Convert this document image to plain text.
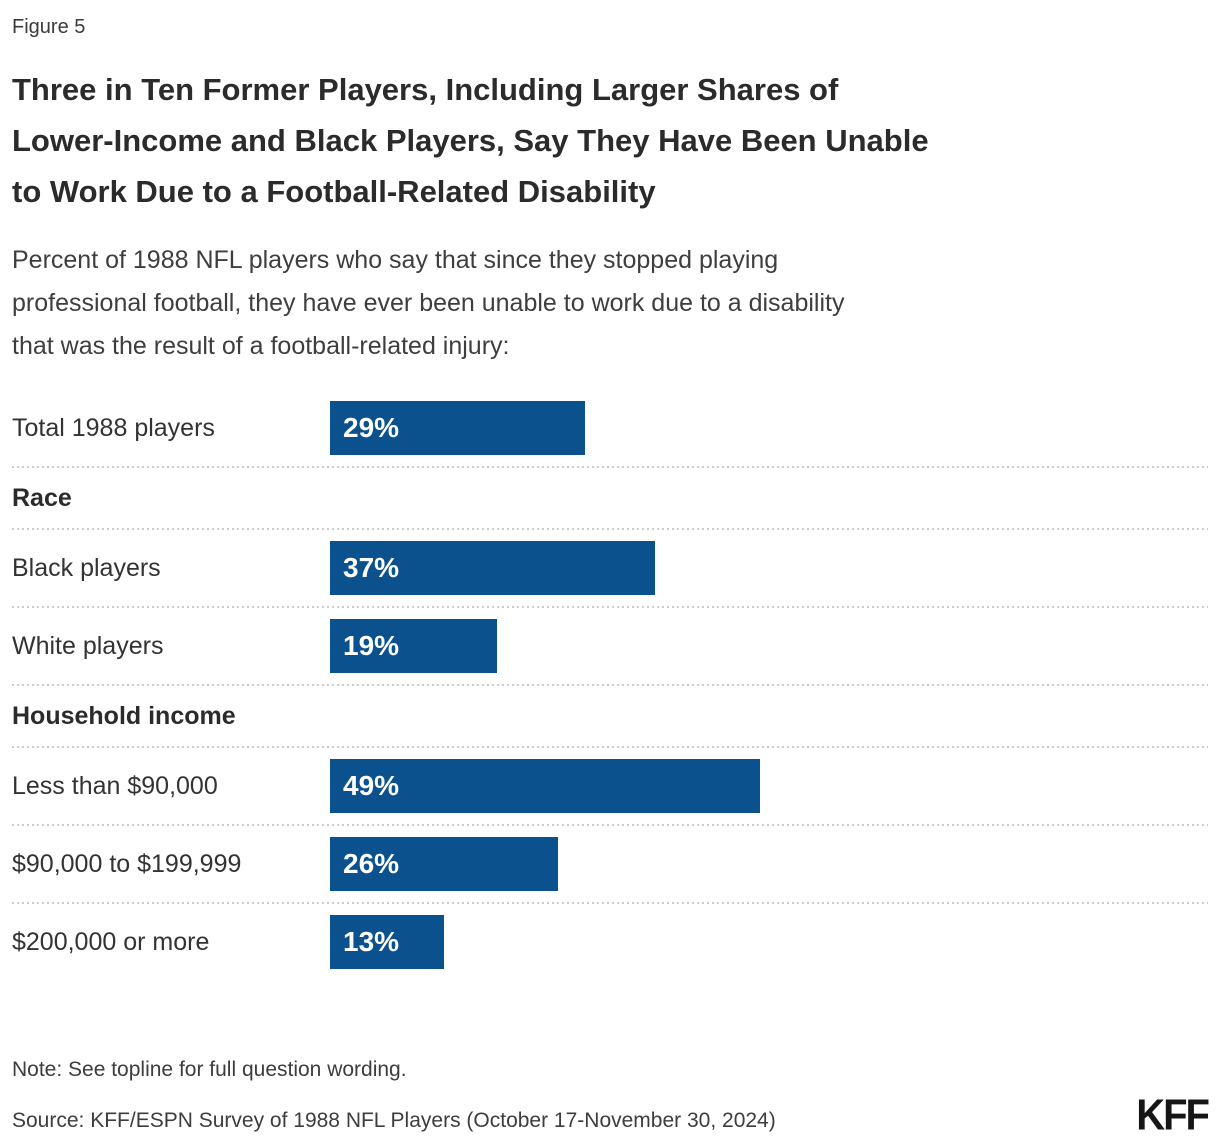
Figure 5
Three in Ten Former Players, Including Larger Shares of
Lower-Income and Black Players, Say They Have Been Unable
to Work Due to a Football-Related Disability

Percent of 1988 NFL players who say that since they stopped playing
professional football, they have ever been unable to work due to a disability
that was the result of a football-related injury:

Total 1988 players	29%
Race
Black players	37%
White players	19%
Household income
Less than $90,000	49%
$90,000 to $199,999	26%
$200,000 or more	13%
Note: See topline for full question wording.
Source: KFF/ESPN Survey of 1988 NFL Players (October 17-November 30, 2024)	KFF
